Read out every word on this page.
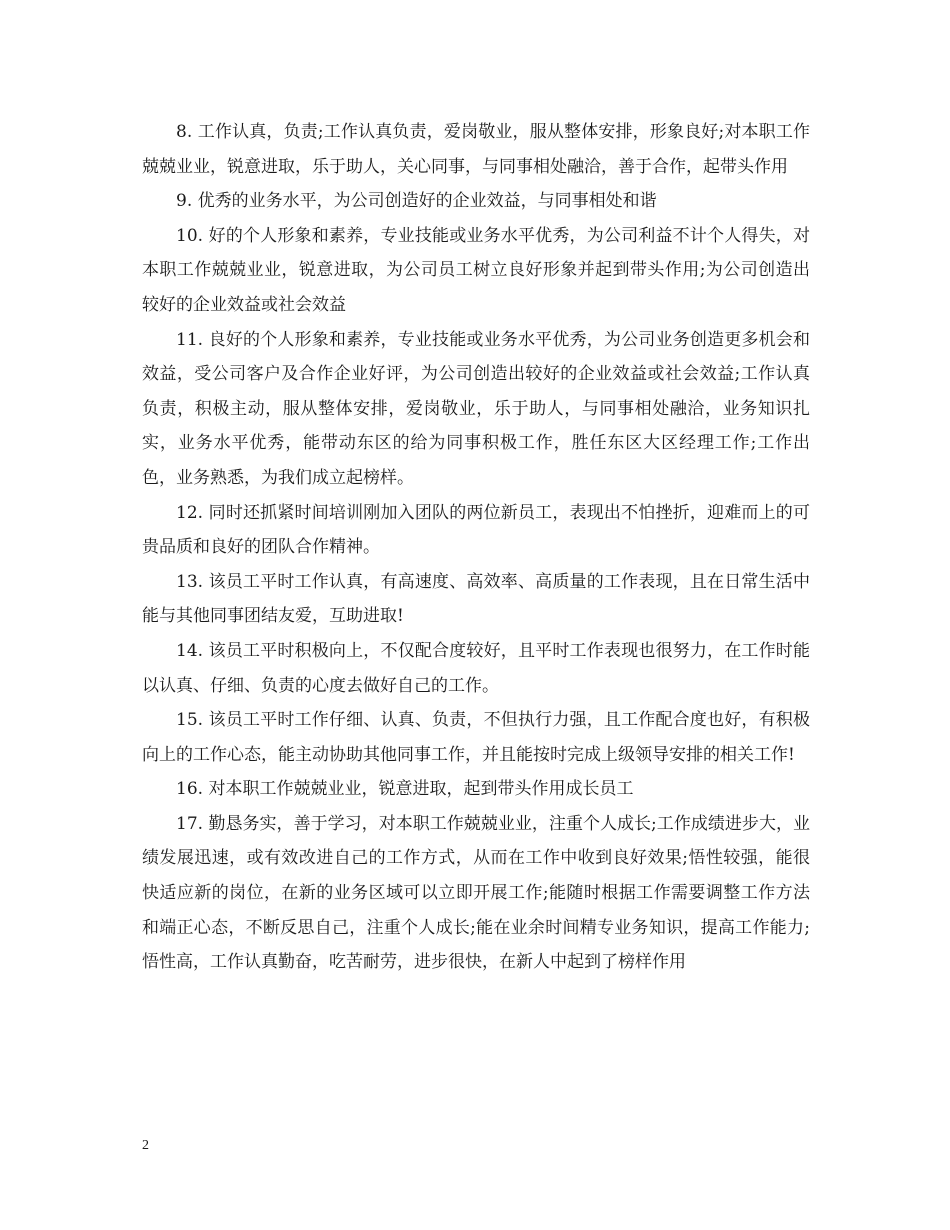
8. 工作认真，负责;工作认真负责，爱岗敬业，服从整体安排，形象良好;对本职工作兢兢业业，锐意进取，乐于助人，关心同事，与同事相处融洽，善于合作，起带头作用

9. 优秀的业务水平，为公司创造好的企业效益，与同事相处和谐

10. 好的个人形象和素养，专业技能或业务水平优秀，为公司利益不计个人得失，对本职工作兢兢业业，锐意进取，为公司员工树立良好形象并起到带头作用;为公司创造出较好的企业效益或社会效益

11. 良好的个人形象和素养，专业技能或业务水平优秀，为公司业务创造更多机会和效益，受公司客户及合作企业好评，为公司创造出较好的企业效益或社会效益;工作认真负责，积极主动，服从整体安排，爱岗敬业，乐于助人，与同事相处融洽，业务知识扎实，业务水平优秀，能带动东区的给为同事积极工作，胜任东区大区经理工作;工作出色，业务熟悉，为我们成立起榜样。

12. 同时还抓紧时间培训刚加入团队的两位新员工，表现出不怕挫折，迎难而上的可贵品质和良好的团队合作精神。

13. 该员工平时工作认真，有高速度、高效率、高质量的工作表现，且在日常生活中能与其他同事团结友爱，互助进取!

14. 该员工平时积极向上，不仅配合度较好，且平时工作表现也很努力，在工作时能以认真、仔细、负责的心度去做好自己的工作。

15. 该员工平时工作仔细、认真、负责，不但执行力强，且工作配合度也好，有积极向上的工作心态，能主动协助其他同事工作，并且能按时完成上级领导安排的相关工作!

16. 对本职工作兢兢业业，锐意进取，起到带头作用成长员工

17. 勤恳务实，善于学习，对本职工作兢兢业业，注重个人成长;工作成绩进步大，业绩发展迅速，或有效改进自己的工作方式，从而在工作中收到良好效果;悟性较强，能很快适应新的岗位，在新的业务区域可以立即开展工作;能随时根据工作需要调整工作方法和端正心态，不断反思自己，注重个人成长;能在业余时间精专业务知识，提高工作能力;悟性高，工作认真勤奋，吃苦耐劳，进步很快，在新人中起到了榜样作用

2
